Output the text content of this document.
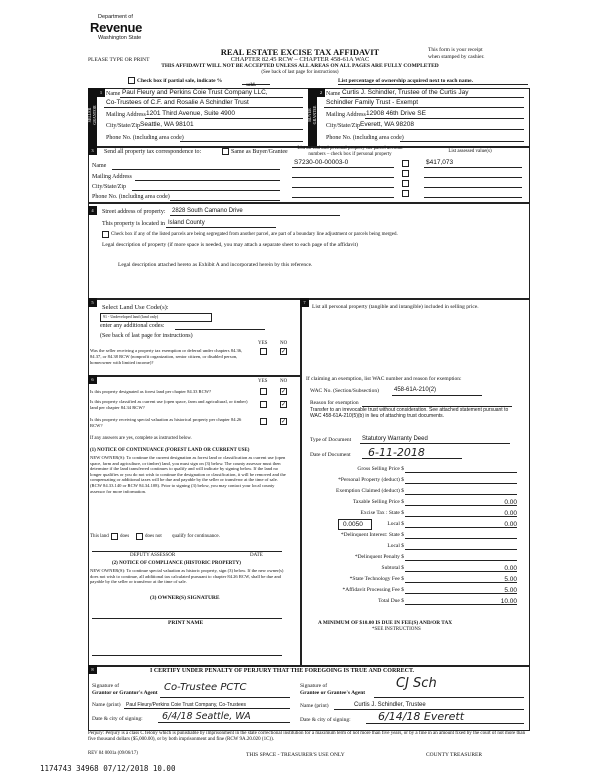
Department of
Revenue
Washington State
REAL ESTATE EXCISE TAX AFFIDAVIT
CHAPTER 82.45 RCW – CHAPTER 458-61A WAC
THIS AFFIDAVIT WILL NOT BE ACCEPTED UNLESS ALL AREAS ON ALL PAGES ARE FULLY COMPLETED
(See back of last page for instructions)
PLEASE TYPE OR PRINT
This form is your receipt
when stamped by cashier.
Check box if partial sale, indicate %
sold.
List percentage of ownership acquired next to each name.
SELLER GRANTOR
1 Name Paul Fleury and Perkins Coie Trust Company LLC,
Co-Trustees of C.F. and Rosalie A Schindler Trust
Mailing Address 1201 Third Avenue, Suite 4900
City/State/Zip Seattle, WA 98101
Phone No. (including area code)
BUYER GRANTEE
2 Name Curtis J. Schindler, Trustee of the Curtis Jay
Schindler Family Trust - Exempt
Mailing Address 12908 46th Drive SE
City/State/Zip Everett, WA 98208
Phone No. (including area code)
3	Send all property tax correspondence to:	Same as Buyer/Grantee
Name
Mailing Address
City/State/Zip
Phone No. (including area code)
List all real and personal property tax parcel account
numbers – check box if personal property
List assessed value(s)
S7230-00-00003-0	$417,073
4	Street address of property: 2828 South Camano Drive
This property is located in Island County
Check box if any of the listed parcels are being segregated from another parcel, are part of a boundary line adjustment or parcels being merged.
Legal description of property (if more space is needed, you may attach a separate sheet to each page of the affidavit)
Legal description attached hereto as Exhibit A and incorporated herein by this reference.
5
Select Land Use Code(s):
91 - Undeveloped land (land only)
enter any additional codes:
(See back of last page for instructions)
YES	NO
Was the seller receiving a property tax exemption or deferral under chapters 84.36, 84.37, or 84.38 RCW (nonprofit organization, senior citizen, or disabled person, homeowner with limited income)?
✓
6	YES	NO
Is this property designated as forest land per chapter 84.33 RCW?	✓
Is this property classified as current use (open space, farm and agricultural, or timber) land per chapter 84.34 RCW?	✓
Is this property receiving special valuation as historical property per chapter 84.26 RCW?
✓
If any answers are yes, complete as instructed below.
(1) NOTICE OF CONTINUANCE (FOREST LAND OR CURRENT USE)
NEW OWNER(S): To continue the current designation as forest land or classification as current use (open space, farm and agriculture, or timber) land, you must sign on (3) below. The county assessor must then determine if the land transferred continues to qualify and will indicate by signing below. If the land no longer qualifies or you do not wish to continue the designation or classification, it will be removed and the compensating or additional taxes will be due and payable by the seller or transferor at the time of sale. (RCW 84.33.140 or RCW 84.34.108). Prior to signing (3) below, you may contact your local county assessor for more information.
This land does	does not qualify for continuance.
DEPUTY ASSESSOR	DATE
(2) NOTICE OF COMPLIANCE (HISTORIC PROPERTY)
NEW OWNER(S): To continue special valuation as historic property, sign (3) below. If the new owner(s) does not wish to continue, all additional tax calculated pursuant to chapter 84.26 RCW, shall be due and payable by the seller or transferor at the time of sale.
(3) OWNER(S) SIGNATURE
PRINT NAME
7
List all personal property (tangible and intangible) included in selling price.
If claiming an exemption, list WAC number and reason for exemption:
WAC No. (Section/Subsection)	458-61A-210(2)
Reason for exemption
Transfer to an irrevocable trust without consideration. See attached statement pursuant to WAC 458-61A-210(5)(b) in lieu of attaching trust documents.
Type of Document Statutory Warranty Deed
Date of Document 6-11-2018
Gross Selling Price $
*Personal Property (deduct) $
Exemption Claimed (deduct) $
Taxable Selling Price $	0.00
Excise Tax : State $	0.00
0.0050	Local $	0.00
*Delinquent Interest: State $
Local $
*Delinquent Penalty $
Subtotal $	0.00
*State Technology Fee $	5.00
*Affidavit Processing Fee $	5.00
Total Due $	10.00
A MINIMUM OF $10.00 IS DUE IN FEE(S) AND/OR TAX
*SEE INSTRUCTIONS
8	I CERTIFY UNDER PENALTY OF PERJURY THAT THE FOREGOING IS TRUE AND CORRECT.
Signature of
Grantor or Grantor's Agent Co-Trustee PCTC
Name (print) Paul Fleury/Perkins Coie Trust Company, Co-Trustees
Date & city of signing: 6/4/18 Seattle, WA
Signature of
Grantee or Grantee's Agent
CJ Sch
Name (print)	Curtis J. Schindler, Trustee
Date & city of signing: 6/14/18 Everett
Perjury: Perjury is a class C felony which is punishable by imprisonment in the state correctional institution for a maximum term of not more than five years, or by a fine in an amount fixed by the court of not more than five thousand dollars ($5,000.00), or by both imprisonment and fine (RCW 9A.20.020 (1C)).
REV 84 0001a (09/06/17)	THIS SPACE - TREASURER'S USE ONLY	COUNTY TREASURER
1174743 34968 07/12/2018 10.00
